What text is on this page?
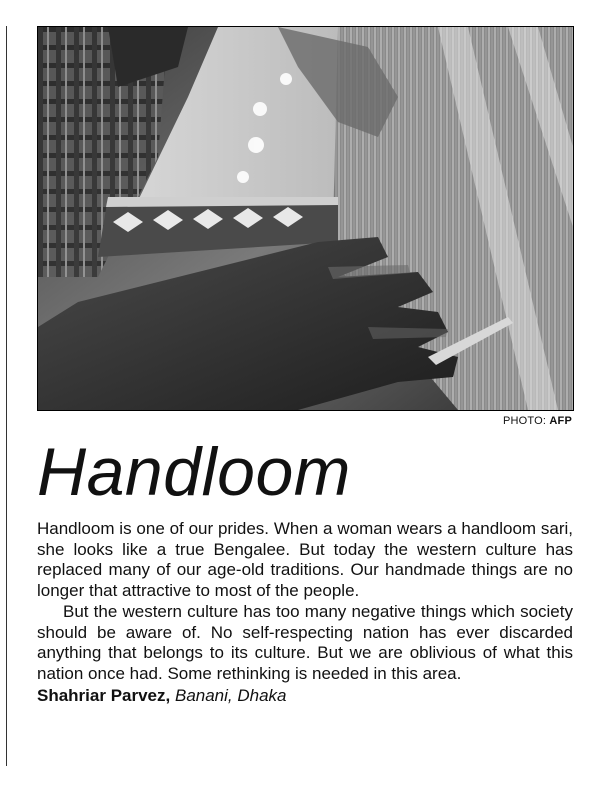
PHOTO: AFP
Handloom

Handloom is one of our prides. When a woman wears a handloom sari, she looks like a true Bengalee. But today the western culture has replaced many of our age-old traditions. Our handmade things are no longer that attractive to most of the people.

But the western culture has too many negative things which society should be aware of. No self-respecting nation has ever discarded anything that belongs to its culture. But we are oblivious of what this nation once had. Some rethinking is needed in this area.

Shahriar Parvez, Banani, Dhaka
